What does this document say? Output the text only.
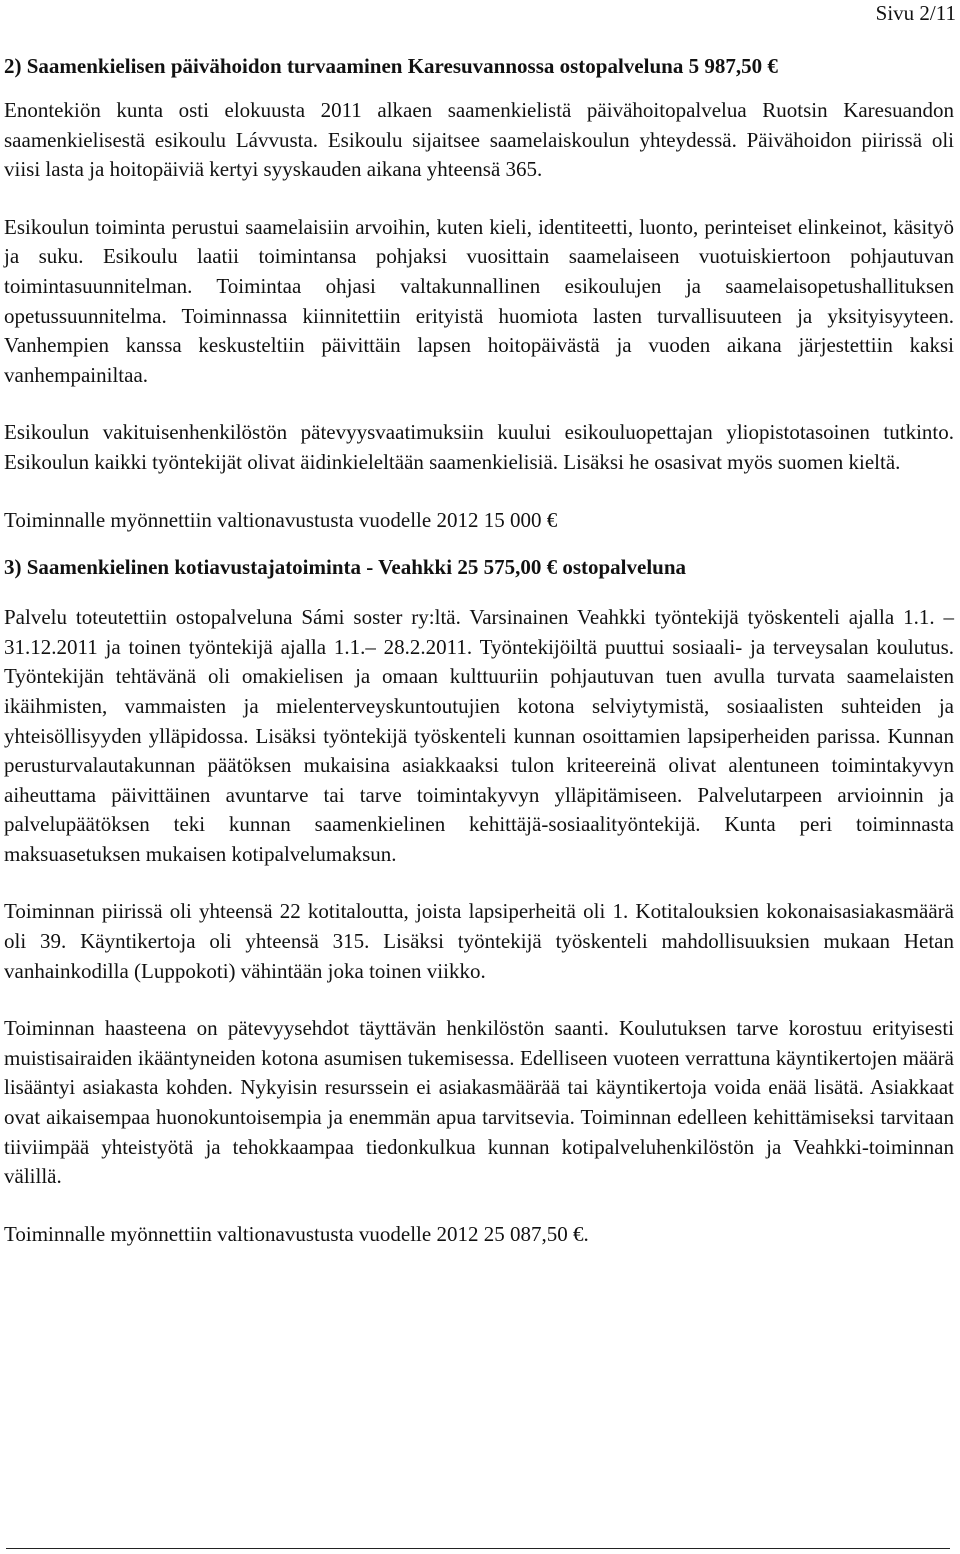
Sivu 2/11
2) Saamenkielisen päivähoidon turvaaminen Karesuvannossa ostopalveluna 5 987,50 €

Enontekiön kunta osti elokuusta 2011 alkaen saamenkielistä päivähoitopalvelua Ruotsin Karesuandon saamenkielisestä esikoulu Lávvusta. Esikoulu sijaitsee saamelaiskoulun yhteydessä. Päivähoidon piirissä oli viisi lasta ja hoitopäiviä kertyi syyskauden aikana yhteensä 365.

Esikoulun toiminta perustui saamelaisiin arvoihin, kuten kieli, identiteetti, luonto, perinteiset elinkeinot, käsityö ja suku. Esikoulu laatii toimintansa pohjaksi vuosittain saamelaiseen vuotuiskiertoon pohjautuvan toimintasuunnitelman. Toimintaa ohjasi valtakunnallinen esikoulujen ja saamelaisopetushallituksen opetussuunnitelma. Toiminnassa kiinnitettiin erityistä huomiota lasten turvallisuuteen ja yksityisyyteen. Vanhempien kanssa keskusteltiin päivittäin lapsen hoitopäivästä ja vuoden aikana järjestettiin kaksi vanhempainiltaa.

Esikoulun vakituisenhenkilöstön pätevyysvaatimuksiin kuului esikouluopettajan yliopistotasoinen tutkinto. Esikoulun kaikki työntekijät olivat äidinkieleltään saamenkielisiä. Lisäksi he osasivat myös suomen kieltä.

Toiminnalle myönnettiin valtionavustusta vuodelle 2012 15 000 €

3) Saamenkielinen kotiavustajatoiminta - Veahkki 25 575,00 € ostopalveluna

Palvelu toteutettiin ostopalveluna Sámi soster ry:ltä. Varsinainen Veahkki työntekijä työskenteli ajalla 1.1. – 31.12.2011 ja toinen työntekijä ajalla 1.1.– 28.2.2011. Työntekijöiltä puuttui sosiaali- ja terveysalan koulutus. Työntekijän tehtävänä oli omakielisen ja omaan kulttuuriin pohjautuvan tuen avulla turvata saamelaisten ikäihmisten, vammaisten ja mielenterveyskuntoutujien kotona selviytymistä, sosiaalisten suhteiden ja yhteisöllisyyden ylläpidossa. Lisäksi työntekijä työskenteli kunnan osoittamien lapsiperheiden parissa. Kunnan perusturvalautakunnan päätöksen mukaisina asiakkaaksi tulon kriteereinä olivat alentuneen toimintakyvyn aiheuttama päivittäinen avuntarve tai tarve toimintakyvyn ylläpitämiseen. Palvelutarpeen arvioinnin ja palvelupäätöksen teki kunnan saamenkielinen kehittäjä-sosiaalityöntekijä. Kunta peri toiminnasta maksuasetuksen mukaisen kotipalvelumaksun.

Toiminnan piirissä oli yhteensä 22 kotitaloutta, joista lapsiperheitä oli 1. Kotitalouksien kokonaisasiakasmäärä oli 39. Käyntikertoja oli yhteensä 315. Lisäksi työntekijä työskenteli mahdollisuuksien mukaan Hetan vanhainkodilla (Luppokoti) vähintään joka toinen viikko.

Toiminnan haasteena on pätevyysehdot täyttävän henkilöstön saanti. Koulutuksen tarve korostuu erityisesti muistisairaiden ikääntyneiden kotona asumisen tukemisessa. Edelliseen vuoteen verrattuna käyntikertojen määrä lisääntyi asiakasta kohden. Nykyisin resurssein ei asiakasmäärää tai käyntikertoja voida enää lisätä. Asiakkaat ovat aikaisempaa huonokuntoisempia ja enemmän apua tarvitsevia. Toiminnan edelleen kehittämiseksi tarvitaan tiiviimpää yhteistyötä ja tehokkaampaa tiedonkulkua kunnan kotipalveluhenkilöstön ja Veahkki-toiminnan välillä.

Toiminnalle myönnettiin valtionavustusta vuodelle 2012 25 087,50 €.
